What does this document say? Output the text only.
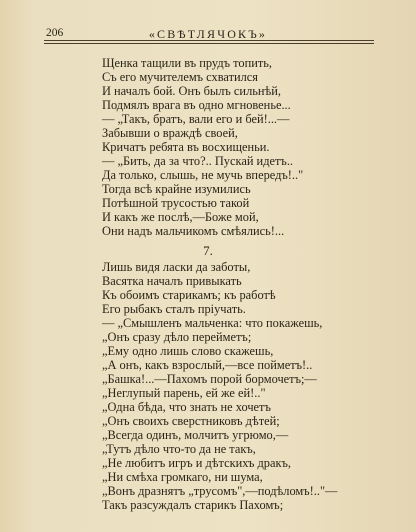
206	«СВѢТЛЯЧОКЪ»
Щенка тащили въ прудъ топить,
Съ его мучителемъ схватился
И началъ бой. Онъ былъ сильнѣй,
Подмялъ врага въ одно мгновенье...
— „Такъ, братъ, вали его и бей!...—
Забывши о враждѣ своей,
Кричатъ ребята въ восхищеньи.
— „Бить, да за что?.. Пускай идетъ..
Да только, слышь, не мучь впередъ!.."
Тогда всѣ крайне изумились
Потѣшной трусостью такой
И какъ же послѣ,—Боже мой,
Они надъ мальчикомъ смѣялись!...
7.
Лишь видя ласки да заботы,
Васятка началъ привыкать
Къ обоимъ старикамъ; къ работѣ
Его рыбакъ сталъ пріучать.
— „Смышленъ мальченка: что покажешь,
„Онъ сразу дѣло перейметъ;
„Ему одно лишь слово скажешь,
„А онъ, какъ взрослый,—все пойметъ!..
„Башка!...—Пахомъ порой бормочетъ;—
„Неглупый парень, ей же ей!.."
„Одна бѣда, что знать не хочетъ
„Онъ своихъ сверстниковъ дѣтей;
„Всегда одинъ, молчитъ угрюмо,—
„Тутъ дѣло что-то да не такъ,
„Не любитъ игръ и дѣтскихъ дракъ,
„Ни смѣха громкаго, ни шума,
„Вонъ дразнятъ „трусомъ",—подѣломъ!.."—
Такъ разсуждалъ старикъ Пахомъ;
